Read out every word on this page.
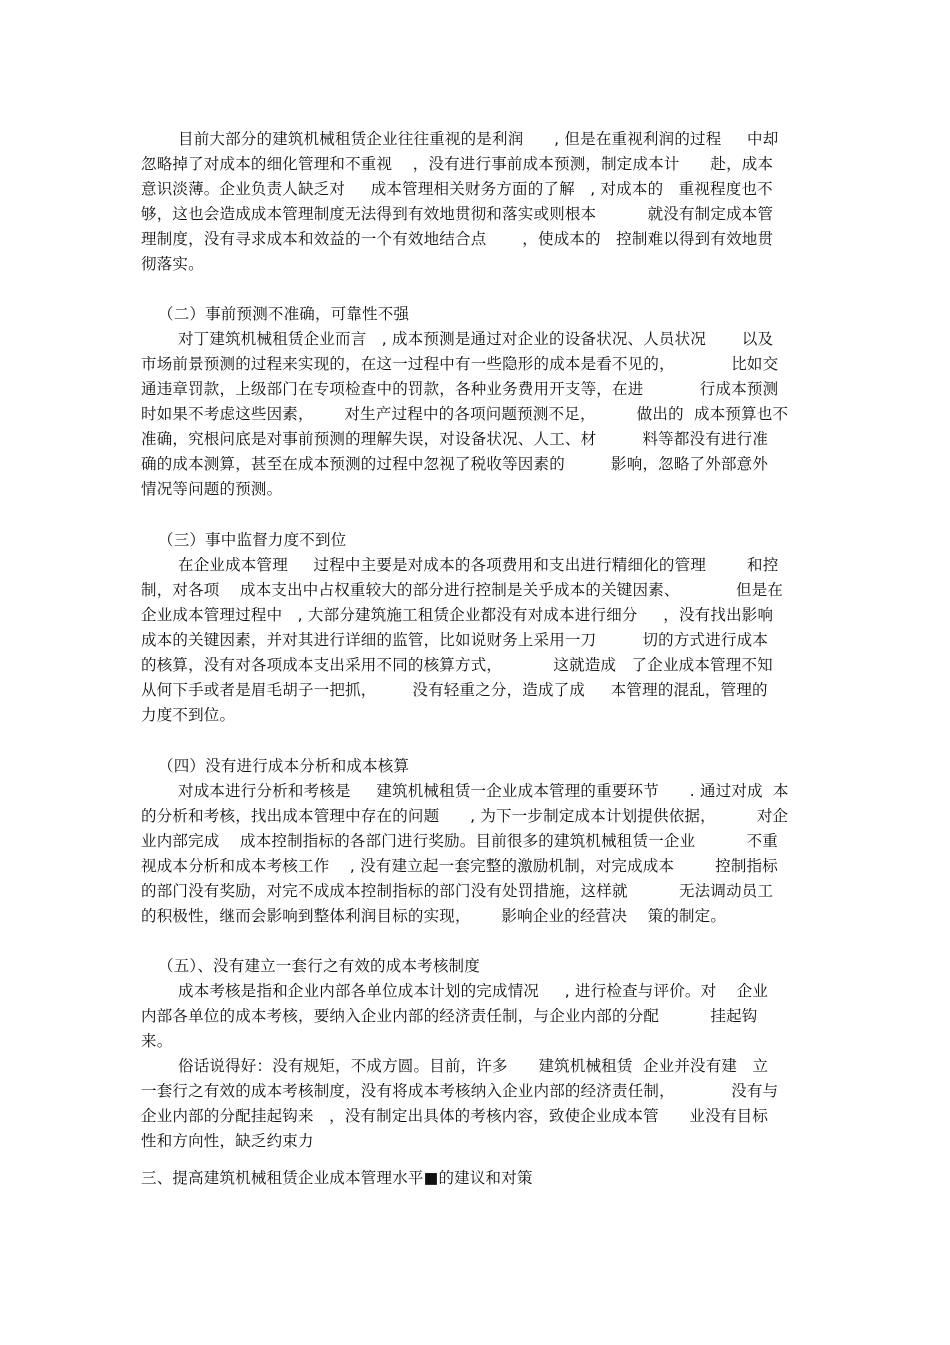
目前大部分的建筑机械租赁企业往往重视的是利润      , 但是在重视利润的过程     中却
忽略掉了对成本的细化管理和不重视    ，没有进行事前成本预测，制定成本计      赴，成本
意识淡薄。企业负责人缺乏对     成本管理相关财务方面的了解   , 对成本的   重视程度也不
够，这也会造成成本管理制度无法得到有效地贯彻和落实或则根本          就没有制定成本管
理制度，没有寻求成本和效益的一个有效地结合点       ，使成本的   控制难以得到有效地贯
彻落实。
（二）事前预测不准确，可靠性不强
对丁建筑机械租赁企业而言   , 成本预测是通过对企业的设备状况、人员状况       以及
市场前景预测的过程来实现的，在这一过程中有一些隐形的成本是看不见的，           比如交
通违章罚款，上级部门在专项检查中的罚款，各种业务费用开支等，在进           行成本预测
时如果不考虑这些因素，      对生产过程中的各项问题预测不足，        做出的  成本预算也不
准确，究根问底是对事前预测的理解失误，对设备状况、人工、材         料等都没有进行准
确的成本测算，甚至在成本预测的过程中忽视了税收等因素的         影响，忽略了外部意外
情况等问题的预测。
（三）事中监督力度不到位
在企业成本管理     过程中主要是对成本的各项费用和支出进行精细化的管理        和控
制，对各项    成本支出中占权重较大的部分进行控制是关乎成本的关键因素、           但是在
企业成本管理过程中   , 大部分建筑施工租赁企业都没有对成本进行细分     ，没有找出影响
成本的关键因素，并对其进行详细的监管，比如说财务上采用一刀         切的方式进行成本
的核算，没有对各项成本支出采用不同的核算方式，          这就造成   了企业成本管理不知
从何下手或者是眉毛胡子一把抓，       没有轻重之分，造成了成     本管理的混乱，管理的
力度不到位。
（四）没有进行成本分析和成本核算
对成本进行分析和考核是     建筑机械租赁一企业成本管理的重要环节      . 通过对成  本
的分析和考核，找出成本管理中存在的问题      , 为下一步制定成本计划提供依据，        对企
业内部完成    成本控制指标的各部门进行奖励。目前很多的建筑机械租赁一企业          不重
视成本分析和成本考核工作    , 没有建立起一套完整的激励机制，对完成成本        控制指标
的部门没有奖励，对完不成成本控制指标的部门没有处罚措施，这样就          无法调动员工
的积极性，继而会影响到整体利润目标的实现，      影响企业的经营决    策的制定。
（五）、没有建立一套行之有效的成本考核制度
成本考核是指和企业内部各单位成本计划的完成情况     , 进行检查与评价。对    企业
内部各单位的成本考核，要纳入企业内部的经济责任制，与企业内部的分配          挂起钩
来。
俗话说得好：没有规矩，不成方圆。目前，许多      建筑机械租赁  企业并没有建   立
一套行之有效的成本考核制度，没有将成本考核纳入企业内部的经济责任制，           没有与
企业内部的分配挂起钩来   ，没有制定出具体的考核内容，致使企业成本管      业没有目标
性和方向性，缺乏约束力
三、提高建筑机械租赁企业成本管理水平■的建议和对策
